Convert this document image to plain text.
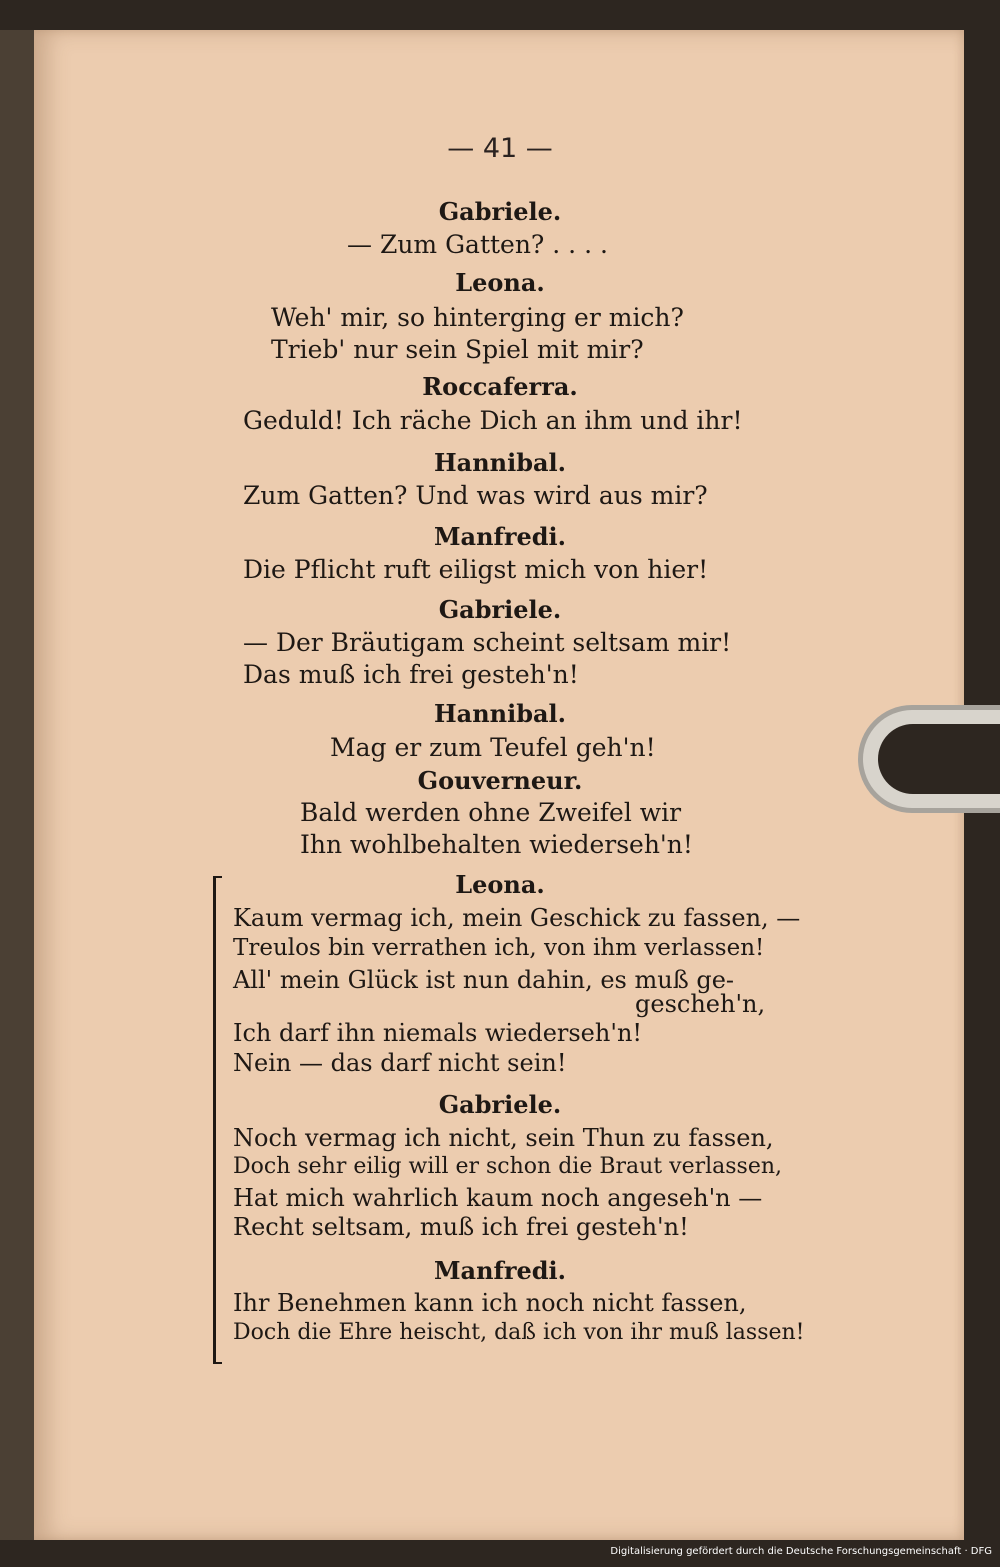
— 41 —
Gabriele.
— Zum Gatten? . . . .
Leona.
Weh' mir, so hinterging er mich?
Trieb' nur sein Spiel mit mir?
Roccaferra.
Geduld! Ich räche Dich an ihm und ihr!
Hannibal.
Zum Gatten? Und was wird aus mir?
Manfredi.
Die Pflicht ruft eiligst mich von hier!
Gabriele.
— Der Bräutigam scheint seltsam mir!
Das muß ich frei gesteh'n!
Hannibal.
Mag er zum Teufel geh'n!
Gouverneur.
Bald werden ohne Zweifel wir
Ihn wohlbehalten wiederseh'n!
Leona.
Kaum vermag ich, mein Geschick zu fassen, —
Treulos bin verrathen ich, von ihm verlassen!
All' mein Glück ist nun dahin, es muß ge-
gescheh'n,
Ich darf ihn niemals wiederseh'n!
Nein — das darf nicht sein!
Gabriele.
Noch vermag ich nicht, sein Thun zu fassen,
Doch sehr eilig will er schon die Braut verlassen,
Hat mich wahrlich kaum noch angeseh'n —
Recht seltsam, muß ich frei gesteh'n!
Manfredi.
Ihr Benehmen kann ich noch nicht fassen,
Doch die Ehre heischt, daß ich von ihr muß lassen!
Digitalisierung gefördert durch die Deutsche Forschungsgemeinschaft · DFG
